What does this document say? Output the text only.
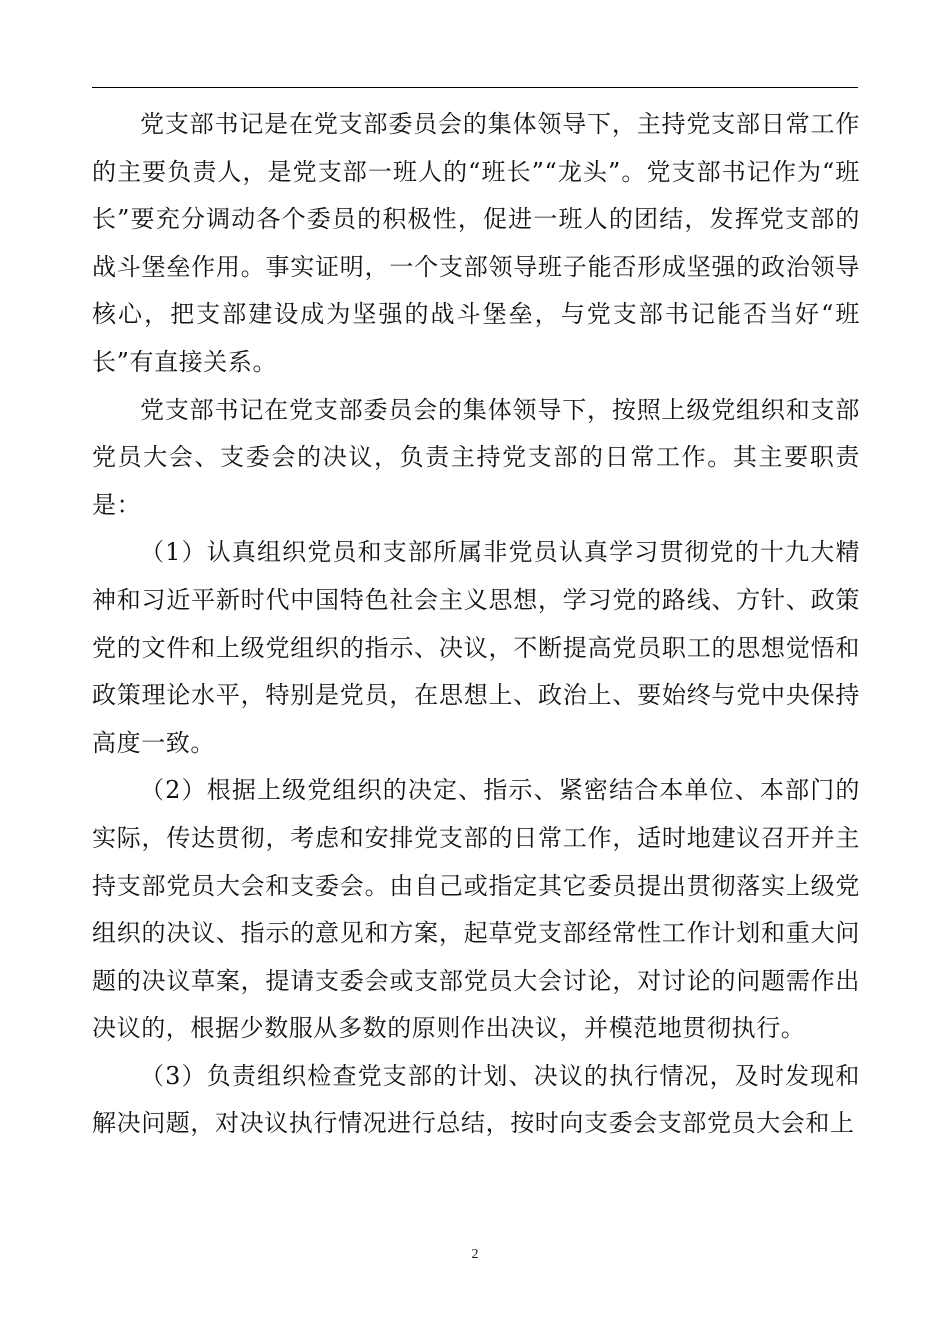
党支部书记是在党支部委员会的集体领导下，主持党支部日常工作的主要负责人，是党支部一班人的“班长”“龙头”。党支部书记作为“班长”要充分调动各个委员的积极性，促进一班人的团结，发挥党支部的战斗堡垒作用。事实证明，一个支部领导班子能否形成坚强的政治领导核心，把支部建设成为坚强的战斗堡垒，与党支部书记能否当好“班长”有直接关系。

党支部书记在党支部委员会的集体领导下，按照上级党组织和支部党员大会、支委会的决议，负责主持党支部的日常工作。其主要职责是：

（1）认真组织党员和支部所属非党员认真学习贯彻党的十九大精神和习近平新时代中国特色社会主义思想，学习党的路线、方针、政策党的文件和上级党组织的指示、决议，不断提高党员职工的思想觉悟和政策理论水平，特别是党员，在思想上、政治上、要始终与党中央保持高度一致。

（2）根据上级党组织的决定、指示、紧密结合本单位、本部门的实际，传达贯彻，考虑和安排党支部的日常工作，适时地建议召开并主持支部党员大会和支委会。由自己或指定其它委员提出贯彻落实上级党组织的决议、指示的意见和方案，起草党支部经常性工作计划和重大问题的决议草案，提请支委会或支部党员大会讨论，对讨论的问题需作出决议的，根据少数服从多数的原则作出决议，并模范地贯彻执行。

（3）负责组织检查党支部的计划、决议的执行情况，及时发现和解决问题，对决议执行情况进行总结，按时向支委会支部党员大会和上

2
